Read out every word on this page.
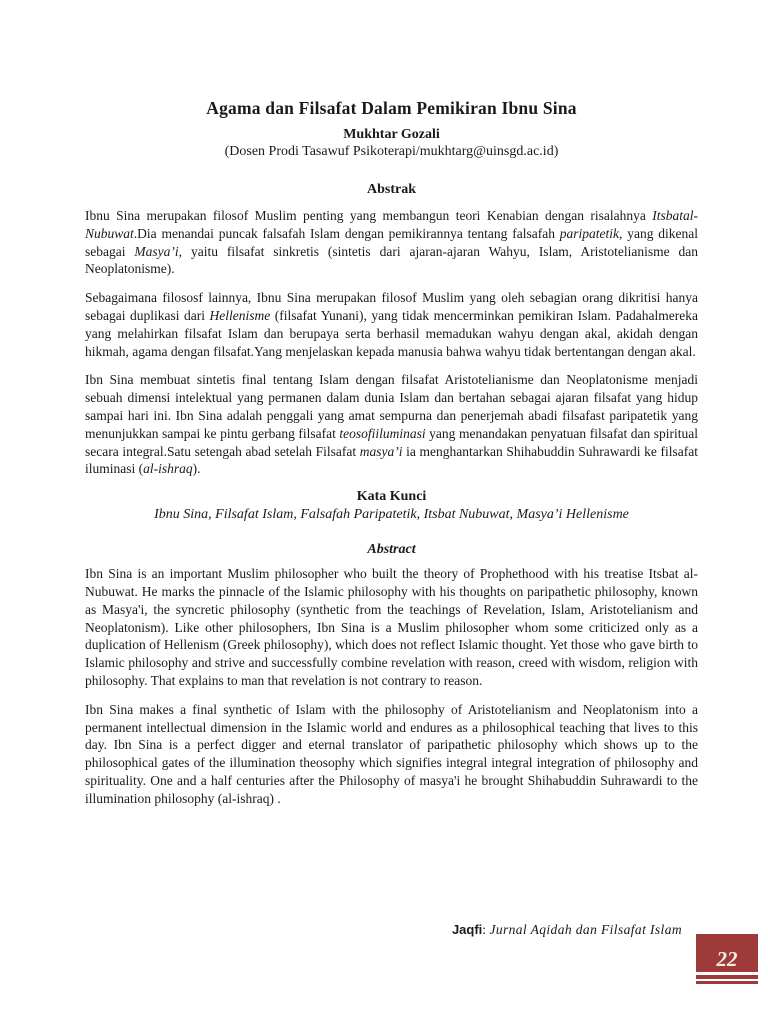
Agama dan Filsafat Dalam Pemikiran Ibnu Sina
Mukhtar Gozali
(Dosen Prodi Tasawuf Psikoterapi/mukhtarg@uinsgd.ac.id)
Abstrak

Ibnu Sina merupakan filosof Muslim penting yang membangun teori Kenabian dengan risalahnya Itsbatal-Nubuwat.Dia menandai puncak falsafah Islam dengan pemikirannya tentang falsafah paripatetik, yang dikenal sebagai Masya’i, yaitu filsafat sinkretis (sintetis dari ajaran-ajaran Wahyu, Islam, Aristotelianisme dan Neoplatonisme).

Sebagaimana filososf lainnya, Ibnu Sina merupakan filosof Muslim yang oleh sebagian orang dikritisi hanya sebagai duplikasi dari Hellenisme (filsafat Yunani), yang tidak mencerminkan pemikiran Islam. Padahalmereka yang melahirkan filsafat Islam dan berupaya serta berhasil memadukan wahyu dengan akal, akidah dengan hikmah, agama dengan filsafat.Yang menjelaskan kepada manusia bahwa wahyu tidak bertentangan dengan akal.

Ibn Sina membuat sintetis final tentang Islam dengan filsafat Aristotelianisme dan Neoplatonisme menjadi sebuah dimensi intelektual yang permanen dalam dunia Islam dan bertahan sebagai ajaran filsafat yang hidup sampai hari ini. Ibn Sina adalah penggali yang amat sempurna dan penerjemah abadi filsafast paripatetik yang menunjukkan sampai ke pintu gerbang filsafat teosofiiluminasi yang menandakan penyatuan filsafat dan spiritual secara integral.Satu setengah abad setelah Filsafat masya’i ia menghantarkan Shihabuddin Suhrawardi ke filsafat iluminasi (al-ishraq).

Kata Kunci
Ibnu Sina, Filsafat Islam, Falsafah Paripatetik, Itsbat Nubuwat, Masya’i Hellenisme
Abstract

Ibn Sina is an important Muslim philosopher who built the theory of Prophethood with his treatise Itsbat al-Nubuwat. He marks the pinnacle of the Islamic philosophy with his thoughts on paripathetic philosophy, known as Masya'i, the syncretic philosophy (synthetic from the teachings of Revelation, Islam, Aristotelianism and Neoplatonism). Like other philosophers, Ibn Sina is a Muslim philosopher whom some criticized only as a duplication of Hellenism (Greek philosophy), which does not reflect Islamic thought. Yet those who gave birth to Islamic philosophy and strive and successfully combine revelation with reason, creed with wisdom, religion with philosophy. That explains to man that revelation is not contrary to reason.

Ibn Sina makes a final synthetic of Islam with the philosophy of Aristotelianism and Neoplatonism into a permanent intellectual dimension in the Islamic world and endures as a philosophical teaching that lives to this day. Ibn Sina is a perfect digger and eternal translator of paripathetic philosophy which shows up to the philosophical gates of the illumination theosophy which signifies integral integral integration of philosophy and spirituality. One and a half centuries after the Philosophy of masya'i he brought Shihabuddin Suhrawardi to the illumination philosophy (al-ishraq) .

Jaqfi: Jurnal Aqidah dan Filsafat Islam
22
